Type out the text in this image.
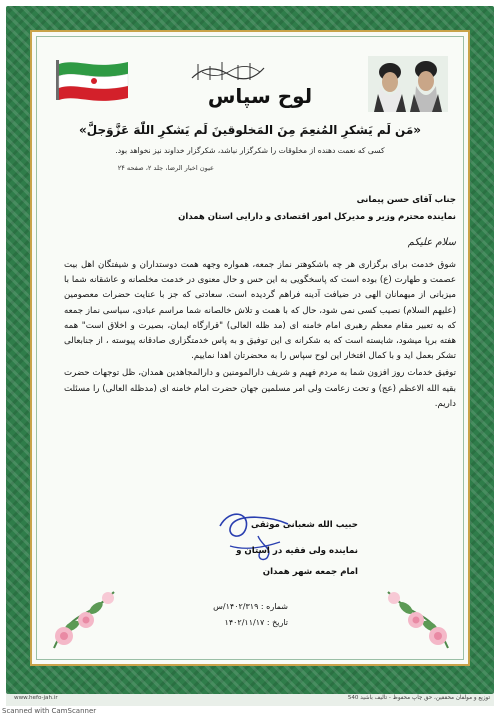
لوح سپاس
«مَن لَم یَشکرِ المُنعِمَ مِنَ المَخلوقینَ لَم یَشکرِ اللّٰهَ عَزَّوَجلَّ»
کسی که نعمت دهنده از مخلوقات را شکرگزار نباشد، شکرگزار خداوند نیز نخواهد بود.
عیون اخبار الرضا، جلد ۲، صفحه ۲۴
جناب آقای حسن پیمانی
نماینده محترم وزیر و مدیرکل امور اقتصادی و دارایی استان همدان
سلام علیکم

شوق خدمت برای برگزاری هر چه باشکوهتر نماز جمعه، همواره وجهه همت دوستداران و شیفتگان اهل بیت عصمت و طهارت (ع) بوده است که پاسخگویی به این حس و حال معنوی در خدمت مخلصانه و عاشقانه شما با میزبانی از میهمانان الهی در ضیافت آدینه فراهم گردیده است. سعادتی که جز با عنایت حضرات معصومین (علیهم السلام) نصیب کسی نمی شود، حال که با همت و تلاش خالصانه شما مراسم عبادی، سیاسی نماز جمعه که به تعبیر مقام معظم رهبری امام خامنه ای (مد ظله العالی) "قرارگاه ایمان، بصیرت و اخلاق است" همه هفته برپا میشود، شایسته است که به شکرانه ی این توفیق و به پاس خدمتگزاری صادقانه پیوسته ، از جنابعالی تشکر بعمل اید و با کمال افتخار این لوح سپاس را به محضرتان اهدا نماییم.

توفیق خدمات روز افزون شما به مردم فهیم و شریف دارالمومنین و دارالمجاهدین همدان، ظل توجهات حضرت بقیه الله الاعظم (عج) و تحت زعامت ولی امر مسلمین جهان حضرت امام خامنه ای (مدظله العالی) را مسئلت داریم.

حبیب الله شعبانی موثقی
نماینده ولی فقیه در استان و
امام جمعه شهر همدان
شماره : ۱۴۰۲/۳۱۹/س
تاریخ : ۱۴۰۲/۱۱/۱۷
www.hefo-jah.ir	توزیع و مولفان محققین، حق چاپ محفوظ - تالیف باشید 540
Scanned with CamScanner
